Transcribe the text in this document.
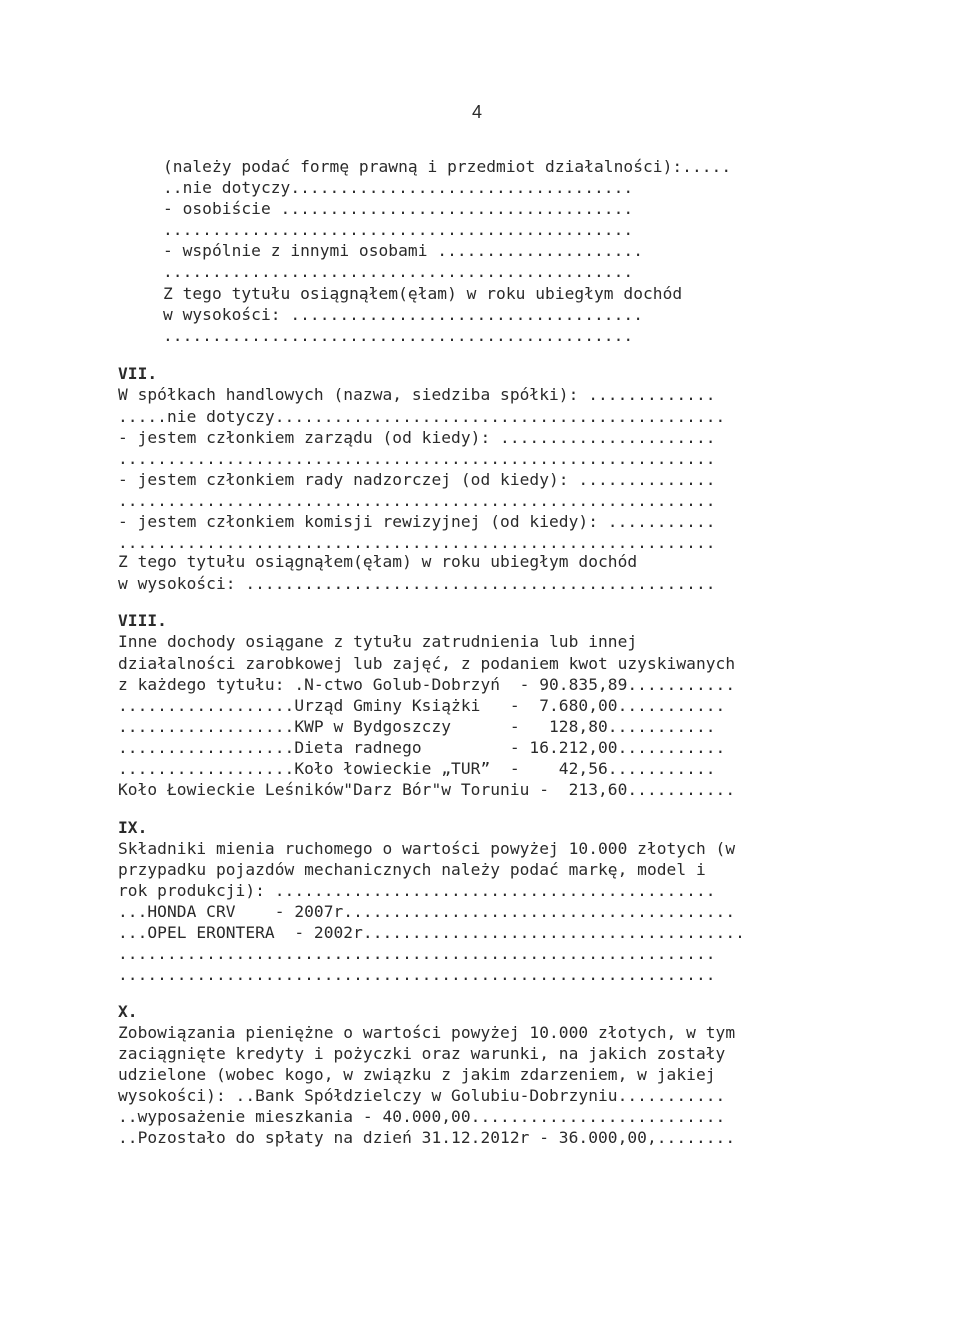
4
(należy podać formę prawną i przedmiot działalności):.....
..nie dotyczy...................................
- osobiście ....................................
................................................
- wspólnie z innymi osobami .....................
................................................
Z tego tytułu osiągnąłem(ęłam) w roku ubiegłym dochód
w wysokości: ....................................
................................................
VII.
W spółkach handlowych (nazwa, siedziba spółki): .............
.....nie dotyczy..............................................
- jestem członkiem zarządu (od kiedy): ......................
.............................................................
- jestem członkiem rady nadzorczej (od kiedy): ..............
.............................................................
- jestem członkiem komisji rewizyjnej (od kiedy): ...........
.............................................................
Z tego tytułu osiągnąłem(ęłam) w roku ubiegłym dochód
w wysokości: ................................................
VIII.
Inne dochody osiągane z tytułu zatrudnienia lub innej
działalności zarobkowej lub zajęć, z podaniem kwot uzyskiwanych
z każdego tytułu: .N-ctwo Golub-Dobrzyń  - 90.835,89...........
..................Urząd Gminy Książki   -  7.680,00...........
..................KWP w Bydgoszczy      -   128,80...........
..................Dieta radnego         - 16.212,00...........
..................Koło łowieckie „TUR”  -    42,56...........
Koło Łowieckie Leśników"Darz Bór"w Toruniu -  213,60...........
IX.
Składniki mienia ruchomego o wartości powyżej 10.000 złotych (w
przypadku pojazdów mechanicznych należy podać markę, model i
rok produkcji): .............................................
...HONDA CRV    - 2007r........................................
...OPEL ERONTERA  - 2002r.......................................
.............................................................
.............................................................
X.
Zobowiązania pieniężne o wartości powyżej 10.000 złotych, w tym
zaciągnięte kredyty i pożyczki oraz warunki, na jakich zostały
udzielone (wobec kogo, w związku z jakim zdarzeniem, w jakiej
wysokości): ..Bank Spółdzielczy w Golubiu-Dobrzyniu...........
..wyposażenie mieszkania - 40.000,00..........................
..Pozostało do spłaty na dzień 31.12.2012r - 36.000,00,........
